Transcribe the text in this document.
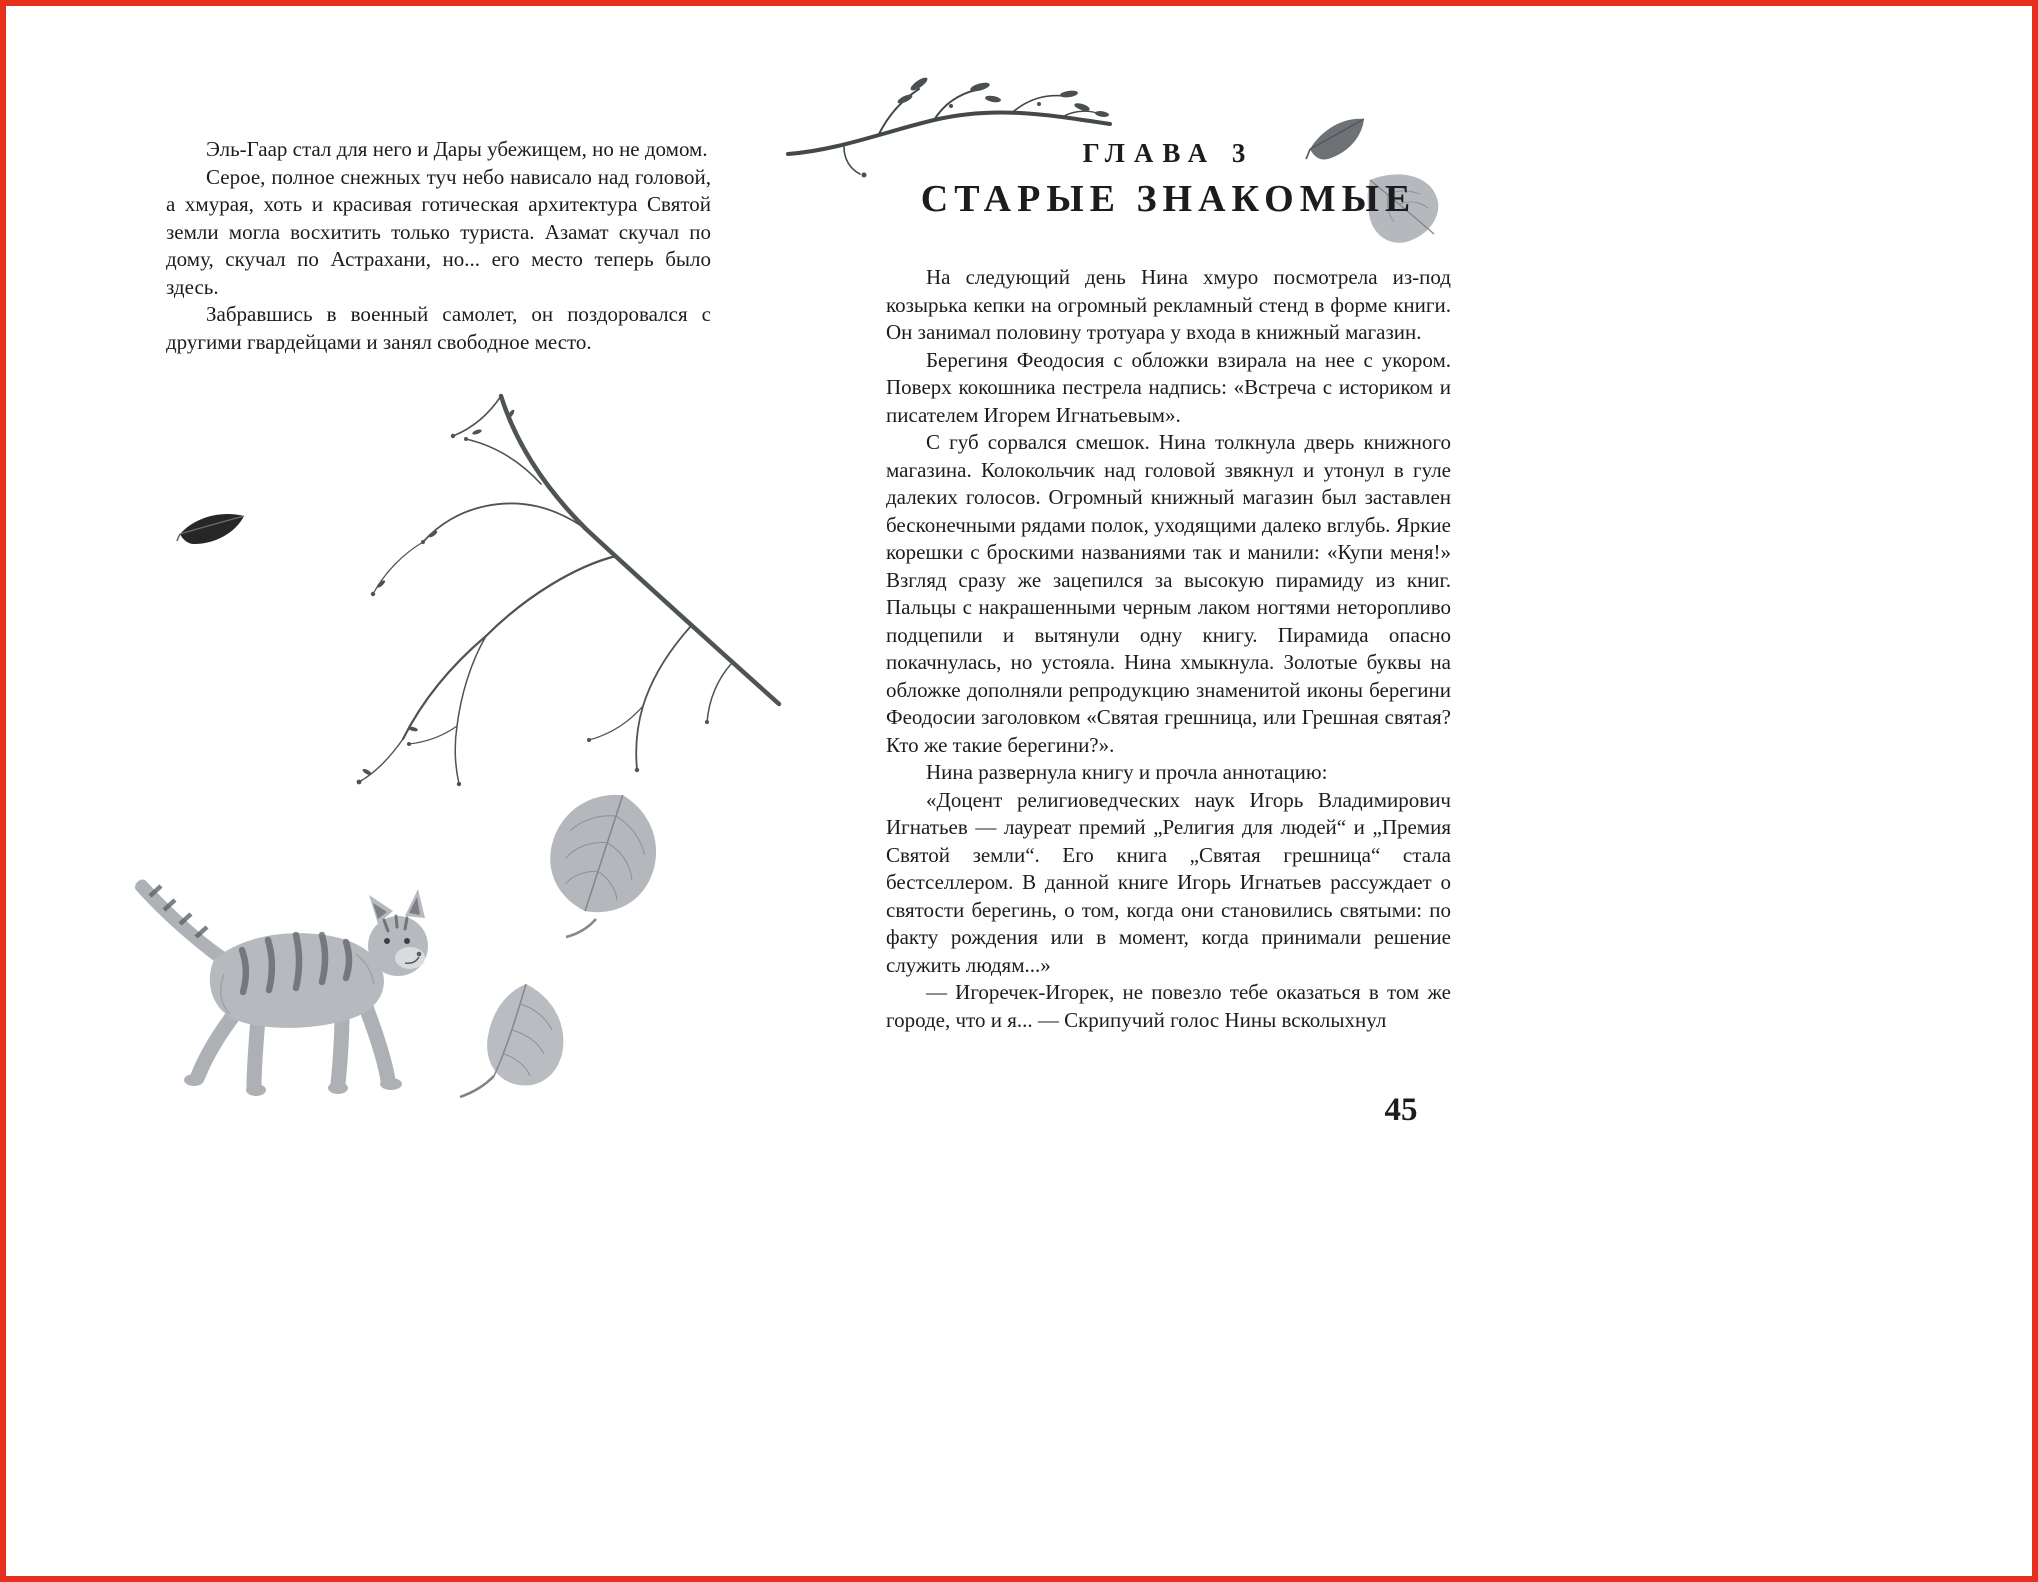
Эль-Гаар стал для него и Дары убежищем, но не домом.

Серое, полное снежных туч небо нависало над головой, а хмурая, хоть и красивая готическая архитектура Святой земли могла восхитить только туриста. Азамат скучал по дому, скучал по Астрахани, но... его место теперь было здесь.

Забравшись в военный самолет, он поздоровался с другими гвардейцами и занял свободное место.

ГЛАВА 3
СТАРЫЕ ЗНАКОМЫЕ

На следующий день Нина хмуро посмотрела из-под козырька кепки на огромный рекламный стенд в форме книги. Он занимал половину тротуара у входа в книжный магазин.

Берегиня Феодосия с обложки взирала на нее с укором. Поверх кокошника пестрела надпись: «Встреча с историком и писателем Игорем Игнатьевым».

С губ сорвался смешок. Нина толкнула дверь книжного магазина. Колокольчик над головой звякнул и утонул в гуле далеких голосов. Огромный книжный магазин был заставлен бесконечными рядами полок, уходящими далеко вглубь. Яркие корешки с броскими названиями так и манили: «Купи меня!» Взгляд сразу же зацепился за высокую пирамиду из книг. Пальцы с накрашенными черным лаком ногтями неторопливо подцепили и вытянули одну книгу. Пирамида опасно покачнулась, но устояла. Нина хмыкнула. Золотые буквы на обложке дополняли репродукцию знаменитой иконы берегини Феодосии заголовком «Святая грешница, или Грешная святая? Кто же такие берегини?».

Нина развернула книгу и прочла аннотацию:

«Доцент религиоведческих наук Игорь Владимирович Игнатьев — лауреат премий „Религия для людей“ и „Премия Святой земли“. Его книга „Святая грешница“ стала бестселлером. В данной книге Игорь Игнатьев рассуждает о святости берегинь, о том, когда они становились святыми: по факту рождения или в момент, когда принимали решение служить людям...»

— Игоречек-Игорек, не повезло тебе оказаться в том же городе, что и я... — Скрипучий голос Нины всколыхнул

45
